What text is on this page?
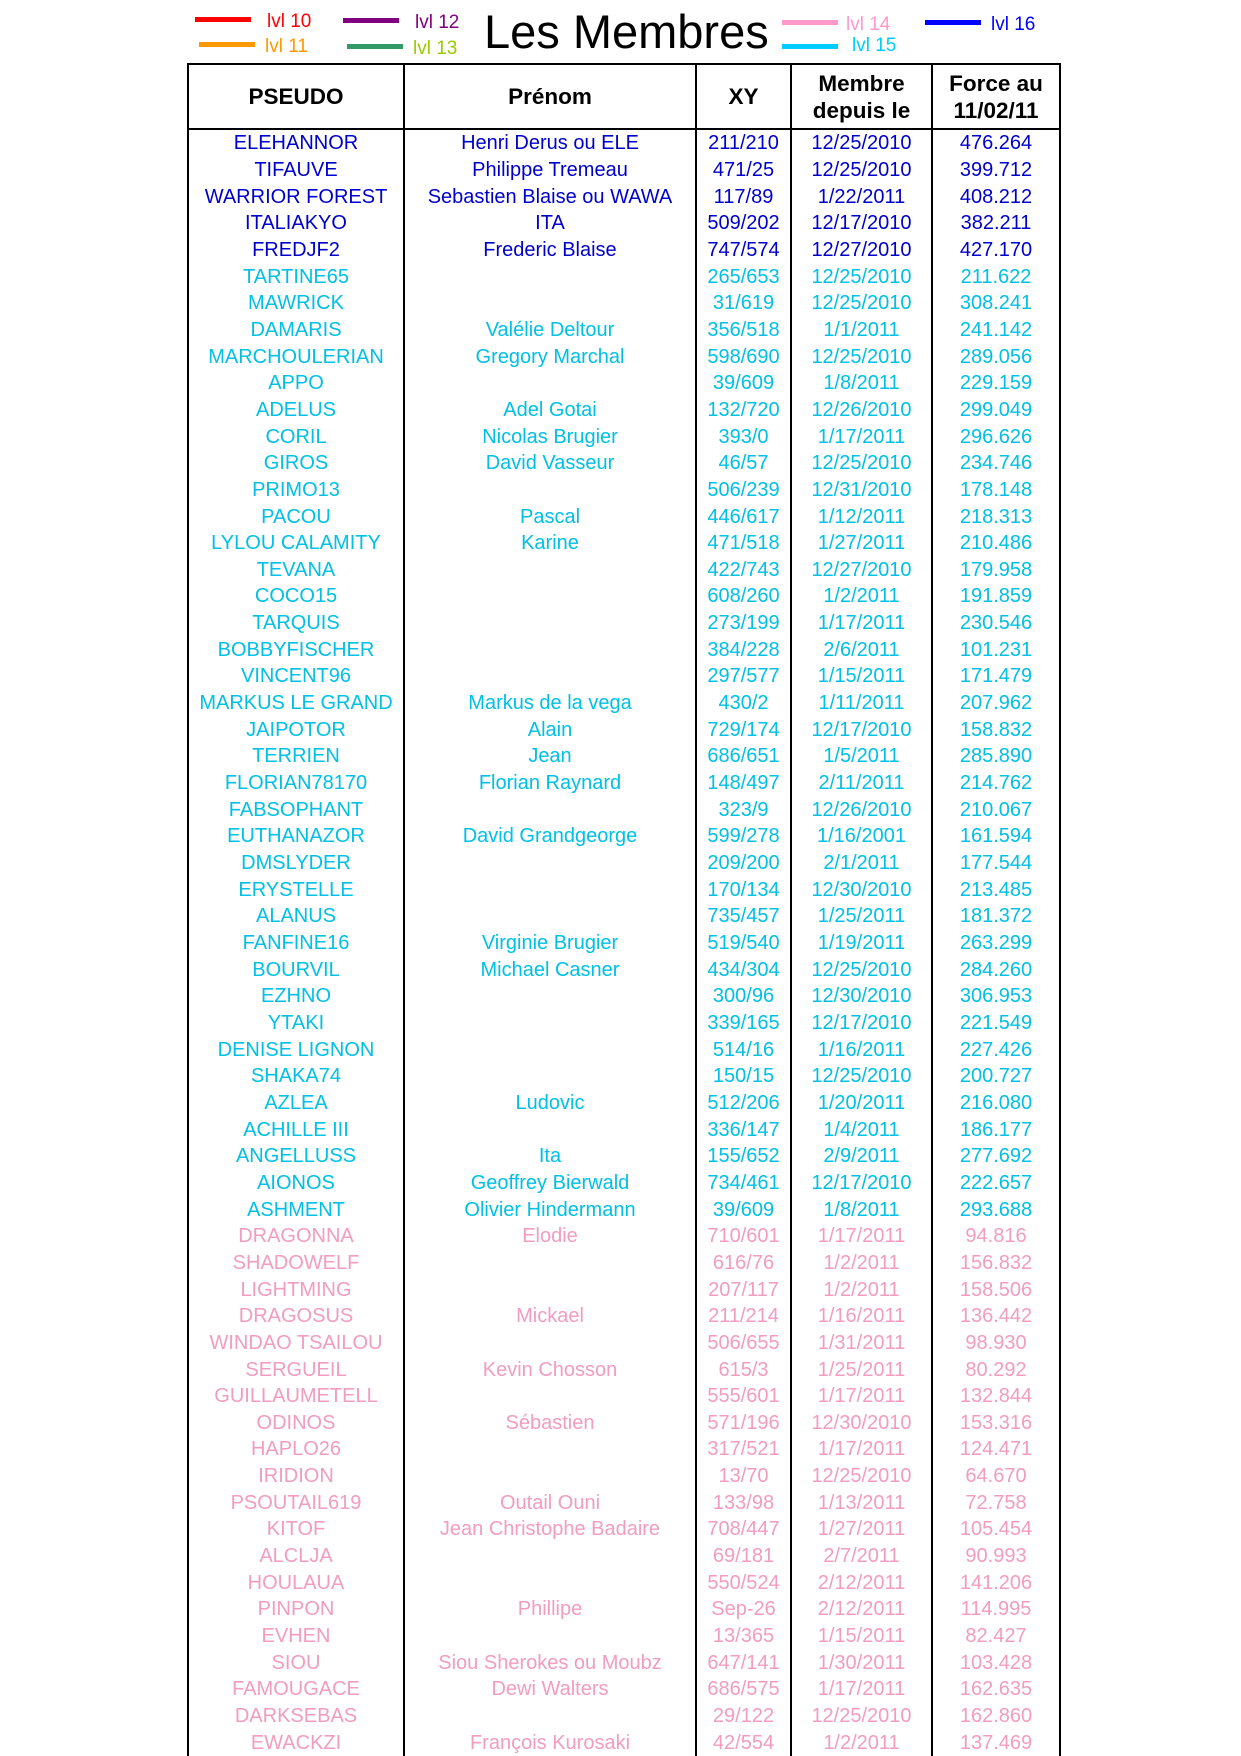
lvl 10
lvl 11
lvl 12
lvl 13 Les Membres	lvl 14
lvl 15
lvl 16
PSEUDO	Prénom	XY	Membre
depuis le	Force au
11/02/11
ELEHANNOR	Henri Derus ou ELE	211/210	12/25/2010	476.264
TIFAUVE	Philippe Tremeau	471/25	12/25/2010	399.712
WARRIOR FOREST	Sebastien Blaise ou WAWA	117/89	1/22/2011	408.212
ITALIAKYO	ITA	509/202	12/17/2010	382.211
FREDJF2	Frederic Blaise	747/574	12/27/2010	427.170
TARTINE65		265/653	12/25/2010	211.622
MAWRICK		31/619	12/25/2010	308.241
DAMARIS	Valélie Deltour	356/518	1/1/2011	241.142
MARCHOULERIAN	Gregory Marchal	598/690	12/25/2010	289.056
APPO		39/609	1/8/2011	229.159
ADELUS	Adel Gotai	132/720	12/26/2010	299.049
CORIL	Nicolas Brugier	393/0	1/17/2011	296.626
GIROS	David Vasseur	46/57	12/25/2010	234.746
PRIMO13		506/239	12/31/2010	178.148
PACOU	Pascal	446/617	1/12/2011	218.313
LYLOU CALAMITY	Karine	471/518	1/27/2011	210.486
TEVANA		422/743	12/27/2010	179.958
COCO15		608/260	1/2/2011	191.859
TARQUIS		273/199	1/17/2011	230.546
BOBBYFISCHER		384/228	2/6/2011	101.231
VINCENT96		297/577	1/15/2011	171.479
MARKUS LE GRAND	Markus de la vega	430/2	1/11/2011	207.962
JAIPOTOR	Alain	729/174	12/17/2010	158.832
TERRIEN	Jean	686/651	1/5/2011	285.890
FLORIAN78170	Florian Raynard	148/497	2/11/2011	214.762
FABSOPHANT		323/9	12/26/2010	210.067
EUTHANAZOR	David Grandgeorge	599/278	1/16/2001	161.594
DMSLYDER		209/200	2/1/2011	177.544
ERYSTELLE		170/134	12/30/2010	213.485
ALANUS		735/457	1/25/2011	181.372
FANFINE16	Virginie Brugier	519/540	1/19/2011	263.299
BOURVIL	Michael Casner	434/304	12/25/2010	284.260
EZHNO		300/96	12/30/2010	306.953
YTAKI		339/165	12/17/2010	221.549
DENISE LIGNON		514/16	1/16/2011	227.426
SHAKA74		150/15	12/25/2010	200.727
AZLEA	Ludovic	512/206	1/20/2011	216.080
ACHILLE III		336/147	1/4/2011	186.177
ANGELLUSS	Ita	155/652	2/9/2011	277.692
AIONOS	Geoffrey Bierwald	734/461	12/17/2010	222.657
ASHMENT	Olivier Hindermann	39/609	1/8/2011	293.688
DRAGONNA	Elodie	710/601	1/17/2011	94.816
SHADOWELF		616/76	1/2/2011	156.832
LIGHTMING		207/117	1/2/2011	158.506
DRAGOSUS	Mickael	211/214	1/16/2011	136.442
WINDAO TSAILOU		506/655	1/31/2011	98.930
SERGUEIL	Kevin Chosson	615/3	1/25/2011	80.292
GUILLAUMETELL		555/601	1/17/2011	132.844
ODINOS	Sébastien	571/196	12/30/2010	153.316
HAPLO26		317/521	1/17/2011	124.471
IRIDION		13/70	12/25/2010	64.670
PSOUTAIL619	Outail Ouni	133/98	1/13/2011	72.758
KITOF	Jean Christophe Badaire	708/447	1/27/2011	105.454
ALCLJA		69/181	2/7/2011	90.993
HOULAUA		550/524	2/12/2011	141.206
PINPON	Phillipe	Sep-26	2/12/2011	114.995
EVHEN		13/365	1/15/2011	82.427
SIOU	Siou Sherokes ou Moubz	647/141	1/30/2011	103.428
FAMOUGACE	Dewi Walters	686/575	1/17/2011	162.635
DARKSEBAS		29/122	12/25/2010	162.860
EWACKZI	François Kurosaki	42/554	1/2/2011	137.469
